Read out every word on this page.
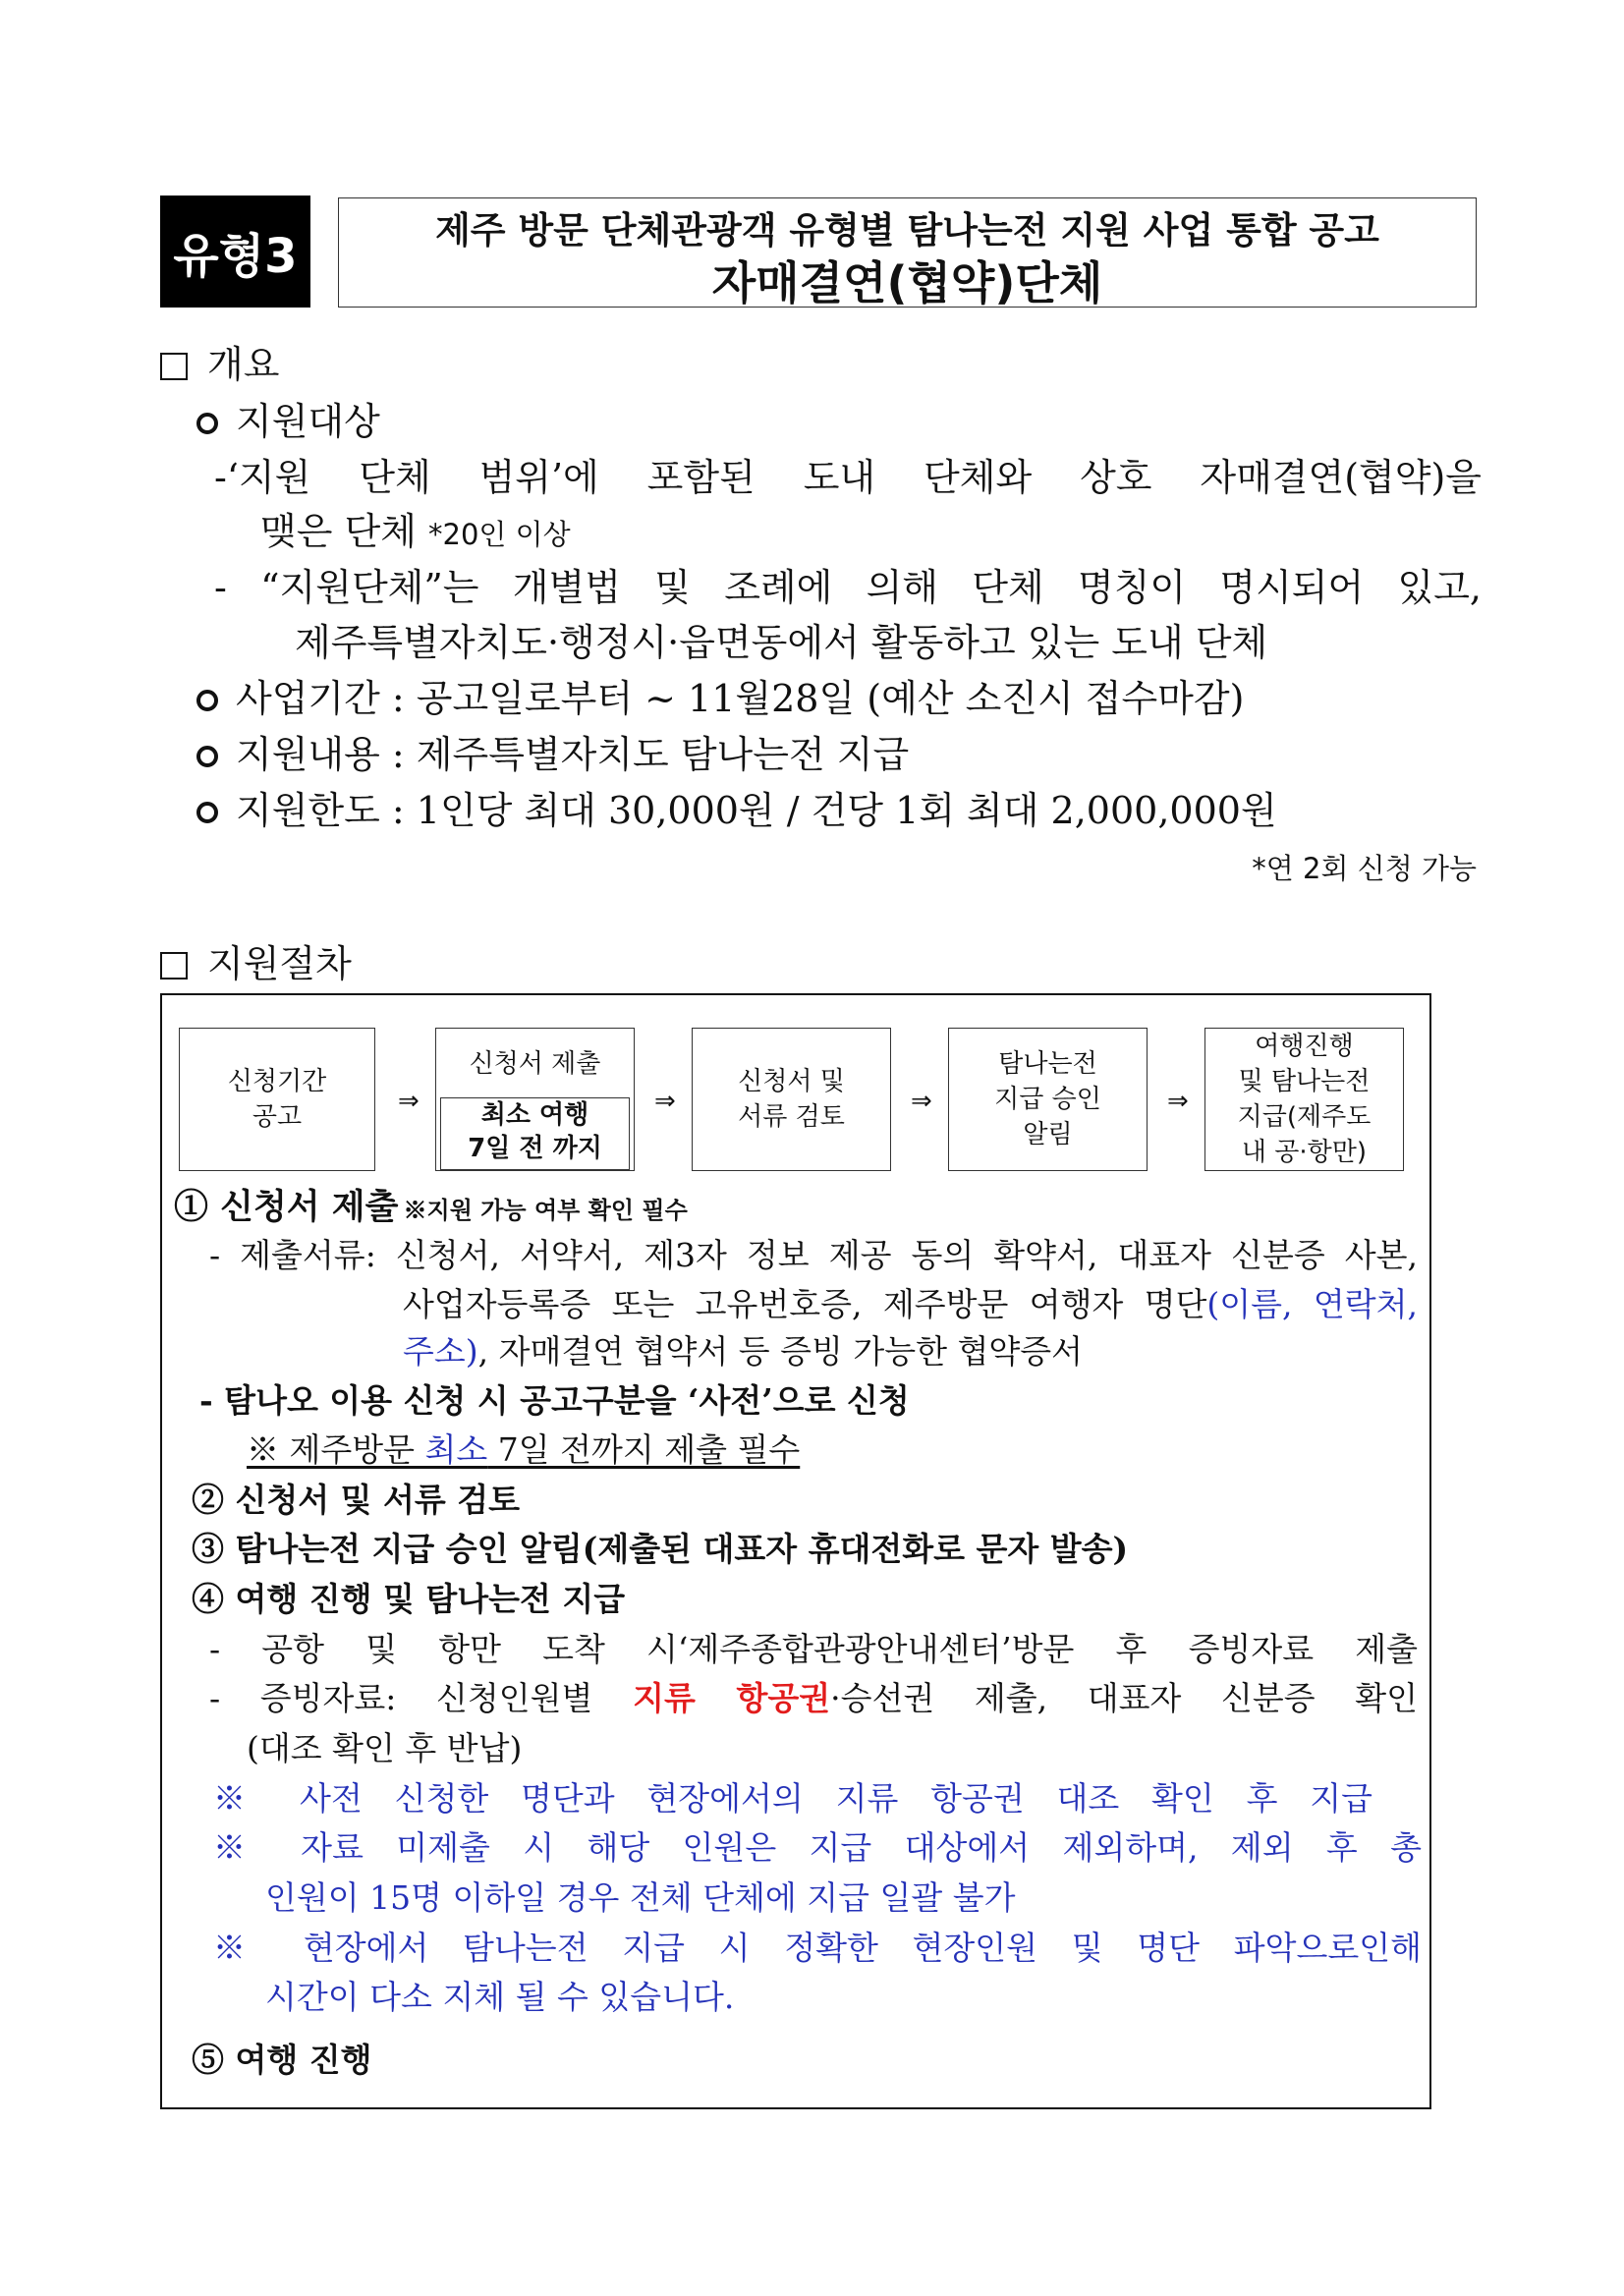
유형3	제주 방문 단체관광객 유형별 탐나는전 지원 사업 통합 공고
자매결연(협약)단체
개요
지원대상
-‘지원 단체 범위’에 포함된 도내 단체와 상호 자매결연(협약)을
맺은 단체 *20인 이상
- “지원단체”는 개별법 및 조례에 의해 단체 명칭이 명시되어 있고,
제주특별자치도·행정시·읍면동에서 활동하고 있는 도내 단체
사업기간 : 공고일로부터 ~ 11월28일 (예산 소진시 접수마감)
지원내용 : 제주특별자치도 탐나는전 지급
지원한도 : 1인당 최대 30,000원 / 건당 1회 최대 2,000,000원
*연 2회 신청 가능
지원절차
신청기간
공고
⇒
신청서 제출
최소 여행
7일 전 까지
⇒
신청서 및
서류 검토
⇒
탐나는전
지급 승인
알림
⇒
여행진행
및 탐나는전
지급(제주도
내 공·항만)
① 신청서 제출 ※지원 가능 여부 확인 필수
- 제출서류: 신청서, 서약서, 제3자 정보 제공 동의 확약서, 대표자 신분증 사본,
사업자등록증 또는 고유번호증, 제주방문 여행자 명단(이름, 연락처,
주소), 자매결연 협약서 등 증빙 가능한 협약증서
- 탐나오 이용 신청 시 공고구분을 ‘사전’으로 신청
※ 제주방문 최소 7일 전까지 제출 필수
② 신청서 및 서류 검토
③ 탐나는전 지급 승인 알림(제출된 대표자 휴대전화로 문자 발송)
④ 여행 진행 및 탐나는전 지급
- 공항 및 항만 도착 시‘제주종합관광안내센터’방문 후 증빙자료 제출
- 증빙자료: 신청인원별 지류 항공권·승선권 제출, 대표자 신분증 확인
(대조 확인 후 반납)
※ 사전 신청한 명단과 현장에서의 지류 항공권 대조 확인 후 지급
※ 자료 미제출 시 해당 인원은 지급 대상에서 제외하며, 제외 후 총
인원이 15명 이하일 경우 전체 단체에 지급 일괄 불가
※ 현장에서 탐나는전 지급 시 정확한 현장인원 및 명단 파악으로인해
시간이 다소 지체 될 수 있습니다.
⑤ 여행 진행
